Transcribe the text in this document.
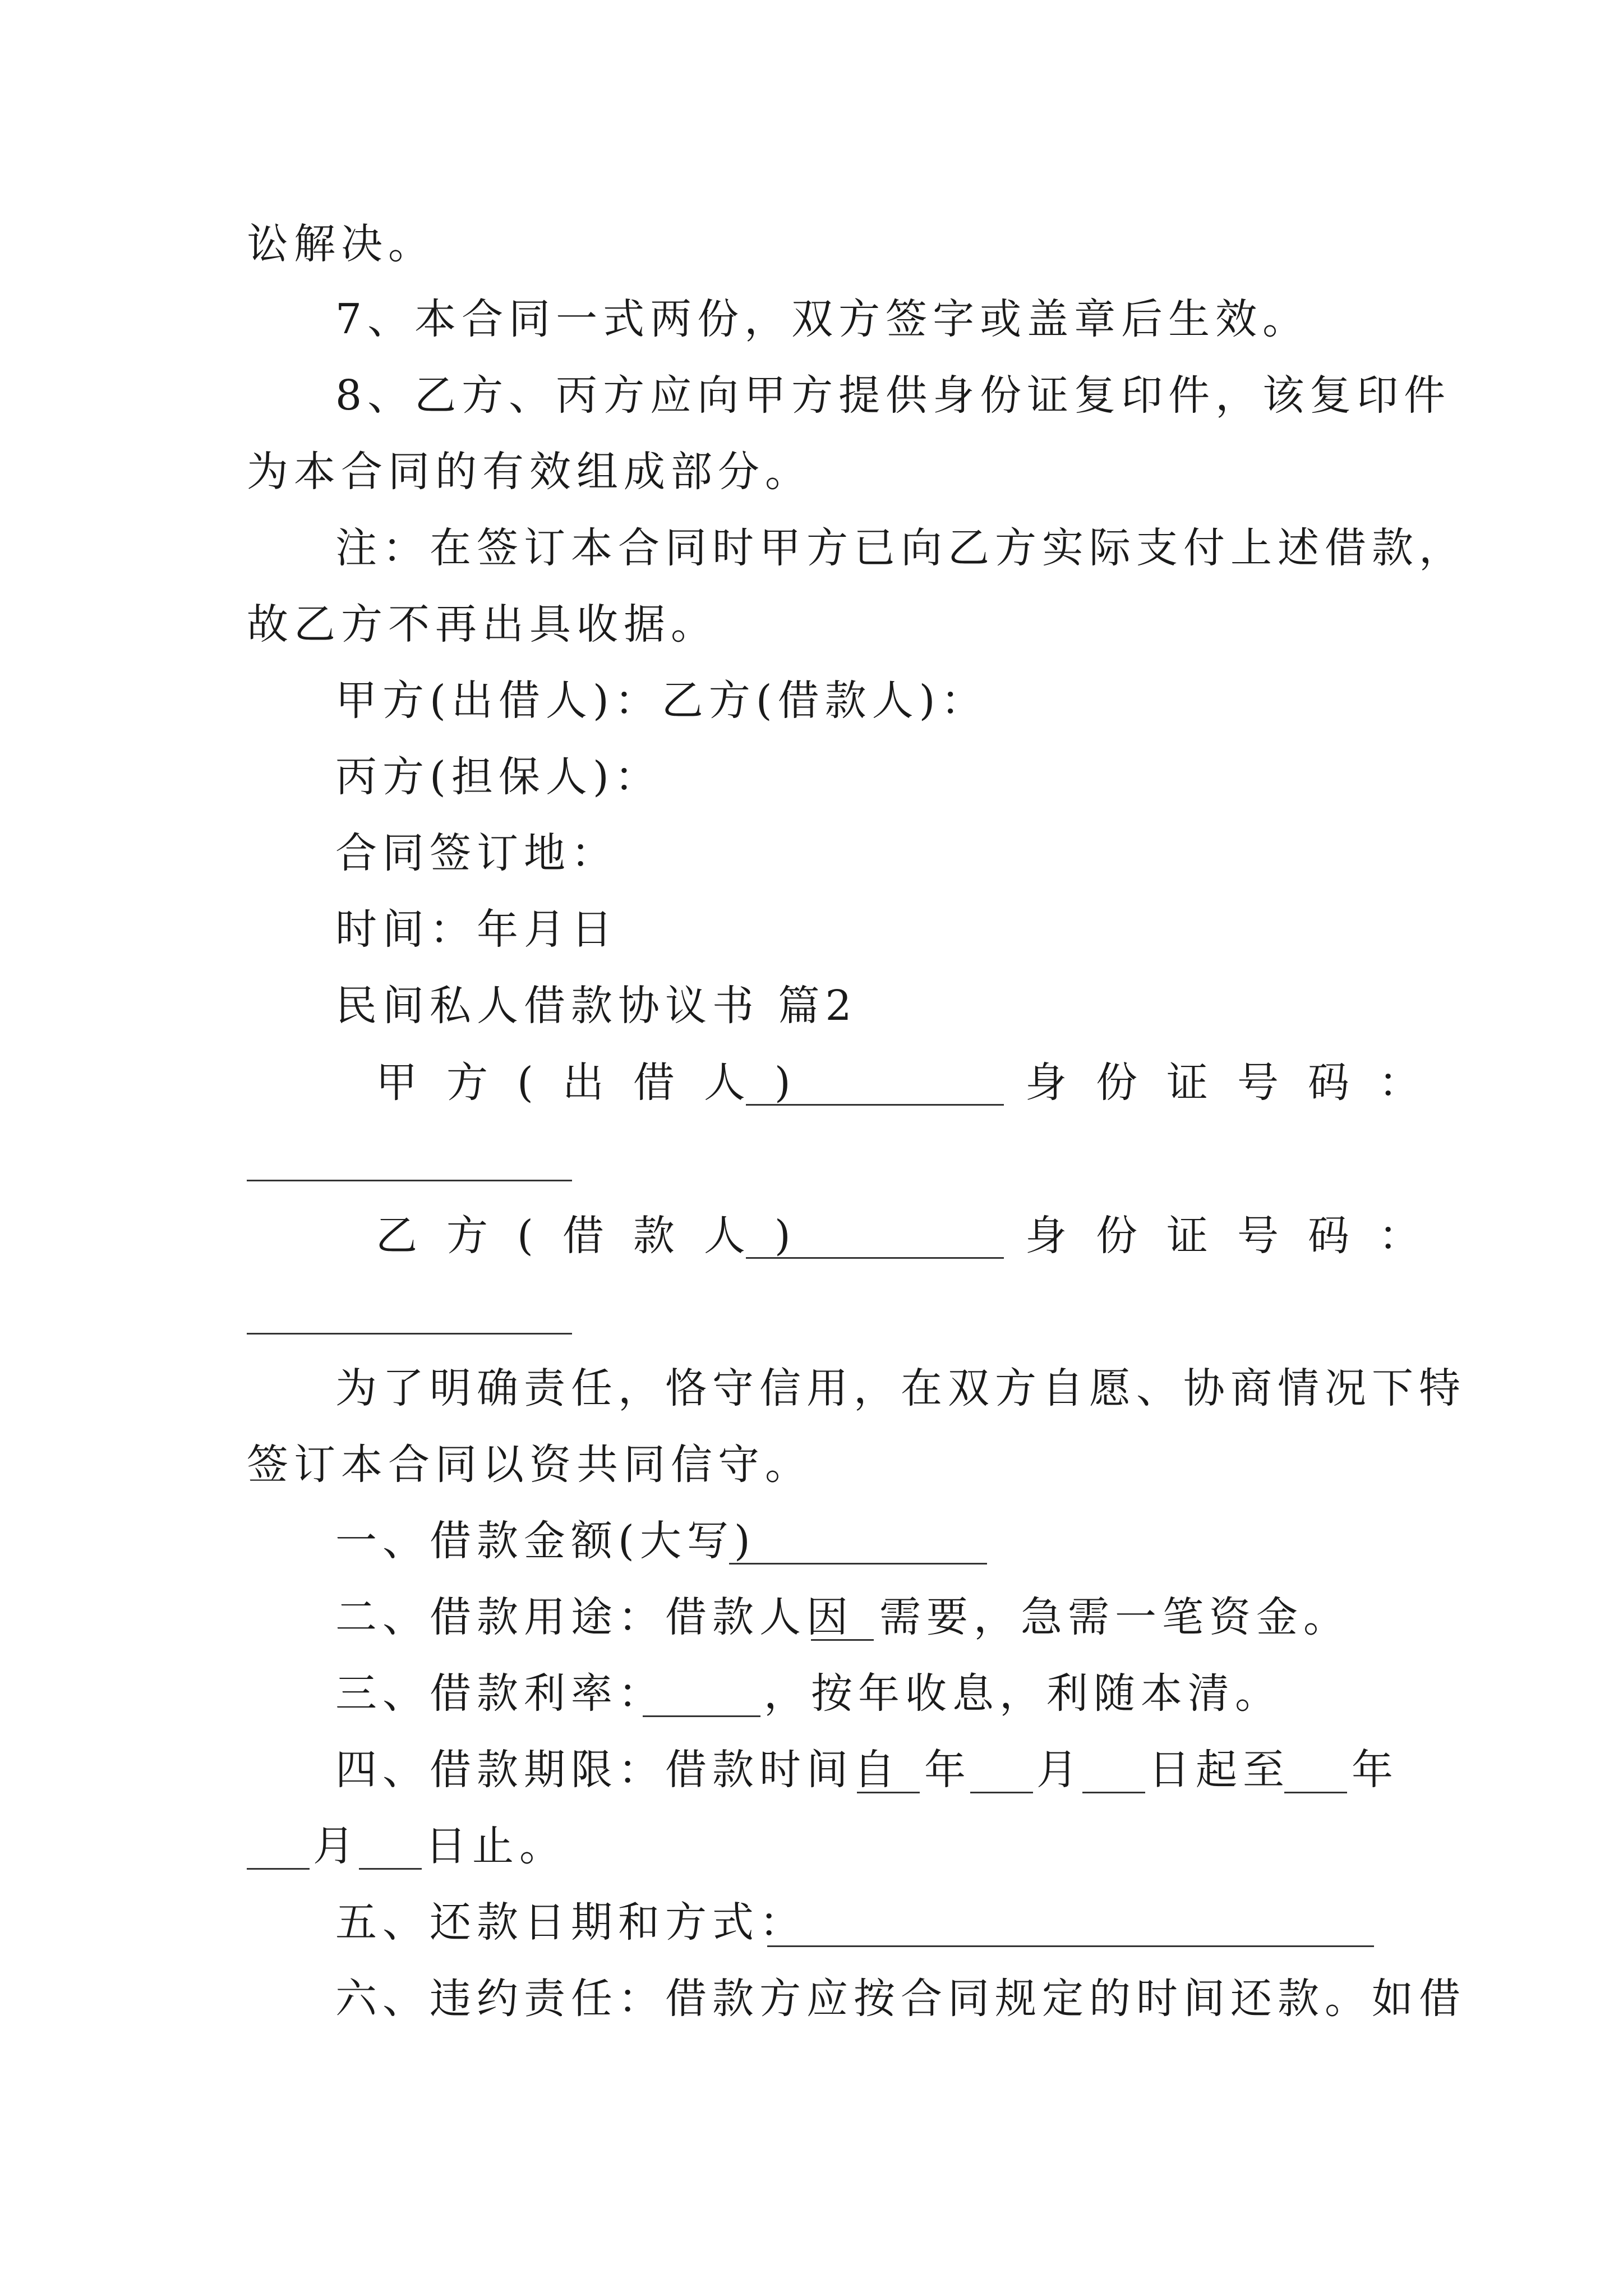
讼解决。
7、本合同一式两份，双方签字或盖章后生效。
8、乙方、丙方应向甲方提供身份证复印件，该复印件
为本合同的有效组成部分。
注：在签订本合同时甲方已向乙方实际支付上述借款，
故乙方不再出具收据。
甲方(出借人)：乙方(借款人)：
丙方(担保人)：
合同签订地：
时间：年月日
民间私人借款协议书 篇2
甲方(出借人)	身份证号码：
乙方(借款人)	身份证号码：
为了明确责任，恪守信用，在双方自愿、协商情况下特
签订本合同以资共同信守。
一、借款金额(大写)
二、借款用途：借款人因 需要，急需一笔资金。
三、借款利率： ，按年收息，利随本清。
四、借款期限：借款时间自 年 月 日起至 年
月 日止。
五、还款日期和方式：
六、违约责任：借款方应按合同规定的时间还款。如借
